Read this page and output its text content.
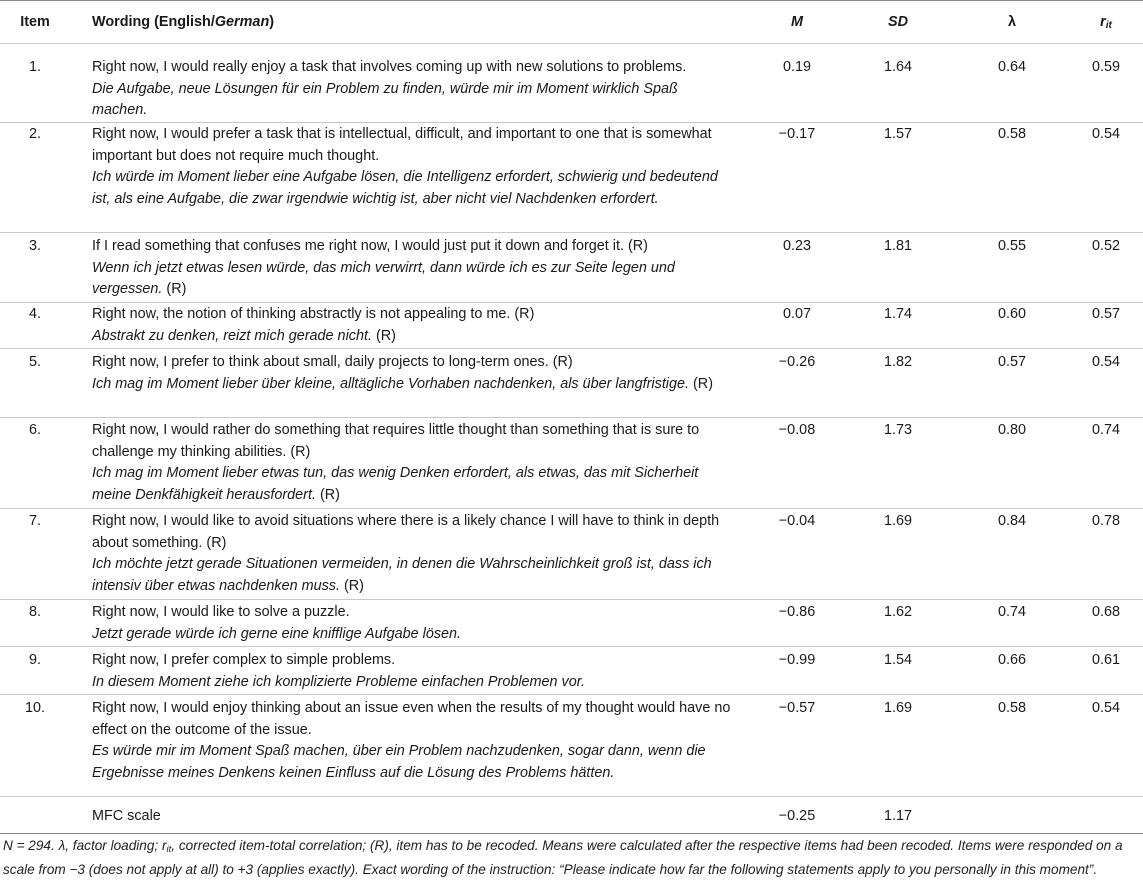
Item	Wording (English/German)	M	SD	λ	$r_{it}$
1.	Right now, I would really enjoy a task that involves coming up with new solutions to problems.
Die Aufgabe, neue Lösungen für ein Problem zu finden, würde mir im Moment wirklich Spaß machen.
0.19	1.64	0.64	0.59
2.	Right now, I would prefer a task that is intellectual, difficult, and important to one that is somewhat important but does not require much thought.
Ich würde im Moment lieber eine Aufgabe lösen, die Intelligenz erfordert, schwierig und bedeutend ist, als eine Aufgabe, die zwar irgendwie wichtig ist, aber nicht viel Nachdenken erfordert.
−0.17	1.57	0.58	0.54
3.	If I read something that confuses me right now, I would just put it down and forget it. (R)
Wenn ich jetzt etwas lesen würde, das mich verwirrt, dann würde ich es zur Seite legen und vergessen. (R)
0.23	1.81	0.55	0.52
4.	Right now, the notion of thinking abstractly is not appealing to me. (R)
Abstrakt zu denken, reizt mich gerade nicht. (R)
0.07	1.74	0.60	0.57
5.	Right now, I prefer to think about small, daily projects to long-term ones. (R)
Ich mag im Moment lieber über kleine, alltägliche Vorhaben nachdenken, als über langfristige. (R)
−0.26	1.82	0.57	0.54
6.	Right now, I would rather do something that requires little thought than something that is sure to challenge my thinking abilities. (R)
Ich mag im Moment lieber etwas tun, das wenig Denken erfordert, als etwas, das mit Sicherheit meine Denkfähigkeit herausfordert. (R)
−0.08	1.73	0.80	0.74
7.	Right now, I would like to avoid situations where there is a likely chance I will have to think in depth about something. (R)
Ich möchte jetzt gerade Situationen vermeiden, in denen die Wahrscheinlichkeit groß ist, dass ich intensiv über etwas nachdenken muss. (R)
−0.04	1.69	0.84	0.78
8.	Right now, I would like to solve a puzzle.
Jetzt gerade würde ich gerne eine knifflige Aufgabe lösen.
−0.86	1.62	0.74	0.68
9.	Right now, I prefer complex to simple problems.
In diesem Moment ziehe ich komplizierte Probleme einfachen Problemen vor.
−0.99	1.54	0.66	0.61
10.	Right now, I would enjoy thinking about an issue even when the results of my thought would have no effect on the outcome of the issue.
Es würde mir im Moment Spaß machen, über ein Problem nachzudenken, sogar dann, wenn die Ergebnisse meines Denkens keinen Einfluss auf die Lösung des Problems hätten.
−0.57	1.69	0.58	0.54
MFC scale	−0.25	1.17
N = 294. λ, factor loading; $r_{it}$, corrected item-total correlation; (R), item has to be recoded. Means were calculated after the respective items had been recoded. Items were responded on a scale from −3 (does not apply at all) to +3 (applies exactly). Exact wording of the instruction: “Please indicate how far the following statements apply to you personally in this moment”.
